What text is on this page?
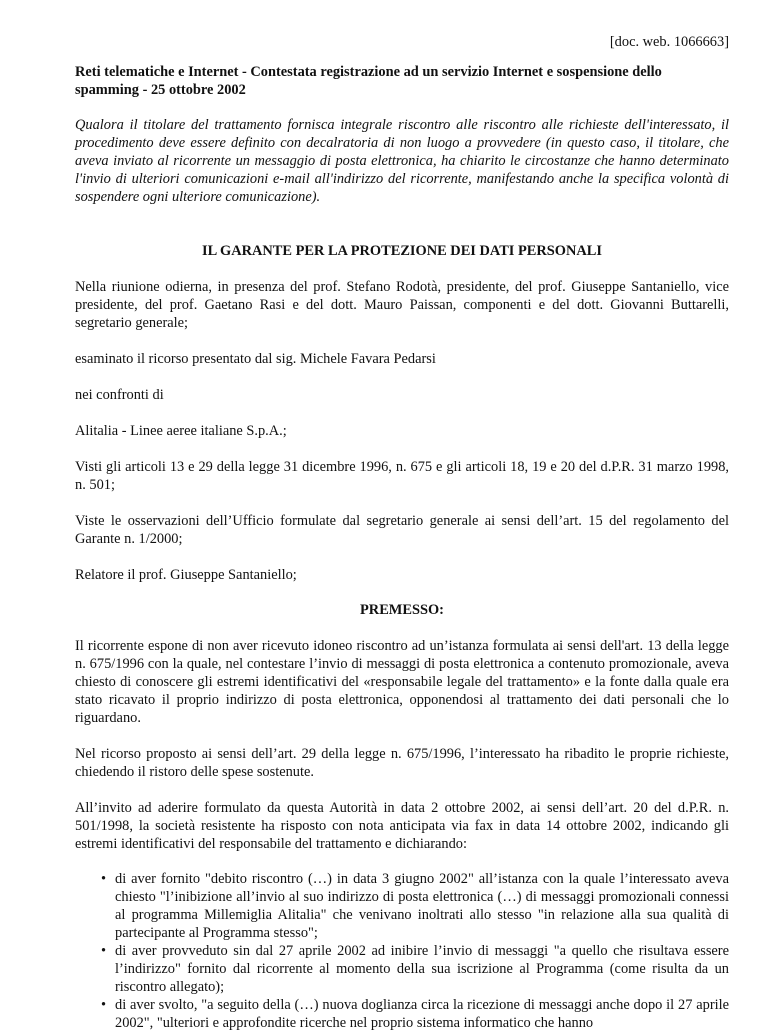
[doc. web. 1066663]
Reti telematiche e Internet - Contestata registrazione ad un servizio Internet e sospensione dello spamming - 25 ottobre 2002
Qualora il titolare del trattamento fornisca integrale riscontro alle riscontro alle richieste dell'interessato, il procedimento deve essere definito con decalratoria di non luogo a provvedere (in questo caso, il titolare, che aveva inviato al ricorrente un messaggio di posta elettronica, ha chiarito le circostanze che hanno determinato l'invio di ulteriori comunicazioni e-mail all'indirizzo del ricorrente, manifestando anche la specifica volontà di sospendere ogni ulteriore comunicazione).
IL GARANTE PER LA PROTEZIONE DEI DATI PERSONALI

Nella riunione odierna, in presenza del prof. Stefano Rodotà, presidente, del prof. Giuseppe Santaniello, vice presidente, del prof. Gaetano Rasi e del dott. Mauro Paissan, componenti e del dott. Giovanni Buttarelli, segretario generale;

esaminato il ricorso presentato dal sig. Michele Favara Pedarsi

nei confronti di

Alitalia - Linee aeree italiane S.p.A.;

Visti gli articoli 13 e 29 della legge 31 dicembre 1996, n. 675 e gli articoli 18, 19 e 20 del d.P.R. 31 marzo 1998, n. 501;

Viste le osservazioni dell’Ufficio formulate dal segretario generale ai sensi dell’art. 15 del regolamento del Garante n. 1/2000;

Relatore il prof. Giuseppe Santaniello;

PREMESSO:

Il ricorrente espone di non aver ricevuto idoneo riscontro ad un’istanza formulata ai sensi dell'art. 13 della legge n. 675/1996 con la quale, nel contestare l’invio di messaggi di posta elettronica a contenuto promozionale, aveva chiesto di conoscere gli estremi identificativi del «responsabile legale del trattamento» e la fonte dalla quale era stato ricavato il proprio indirizzo di posta elettronica, opponendosi al trattamento dei dati personali che lo riguardano.

Nel ricorso proposto ai sensi dell’art. 29 della legge n. 675/1996, l’interessato ha ribadito le proprie richieste, chiedendo il ristoro delle spese sostenute.

All’invito ad aderire formulato da questa Autorità in data 2 ottobre 2002, ai sensi dell’art. 20 del d.P.R. n. 501/1998, la società resistente ha risposto con nota anticipata via fax in data 14 ottobre 2002, indicando gli estremi identificativi del responsabile del trattamento e dichiarando:

• di aver fornito "debito riscontro (…) in data 3 giugno 2002" all’istanza con la quale l’interessato aveva chiesto "l’inibizione all’invio al suo indirizzo di posta elettronica (…) di messaggi promozionali connessi al programma Millemiglia Alitalia" che venivano inoltrati allo stesso "in relazione alla sua qualità di partecipante al Programma stesso";
• di aver provveduto sin dal 27 aprile 2002 ad inibire l’invio di messaggi "a quello che risultava essere l’indirizzo" fornito dal ricorrente al momento della sua iscrizione al Programma (come risulta da un riscontro allegato);
• di aver svolto, "a seguito della (…) nuova doglianza circa la ricezione di messaggi anche dopo il 27 aprile 2002", "ulteriori e approfondite ricerche nel proprio sistema informatico che hanno
